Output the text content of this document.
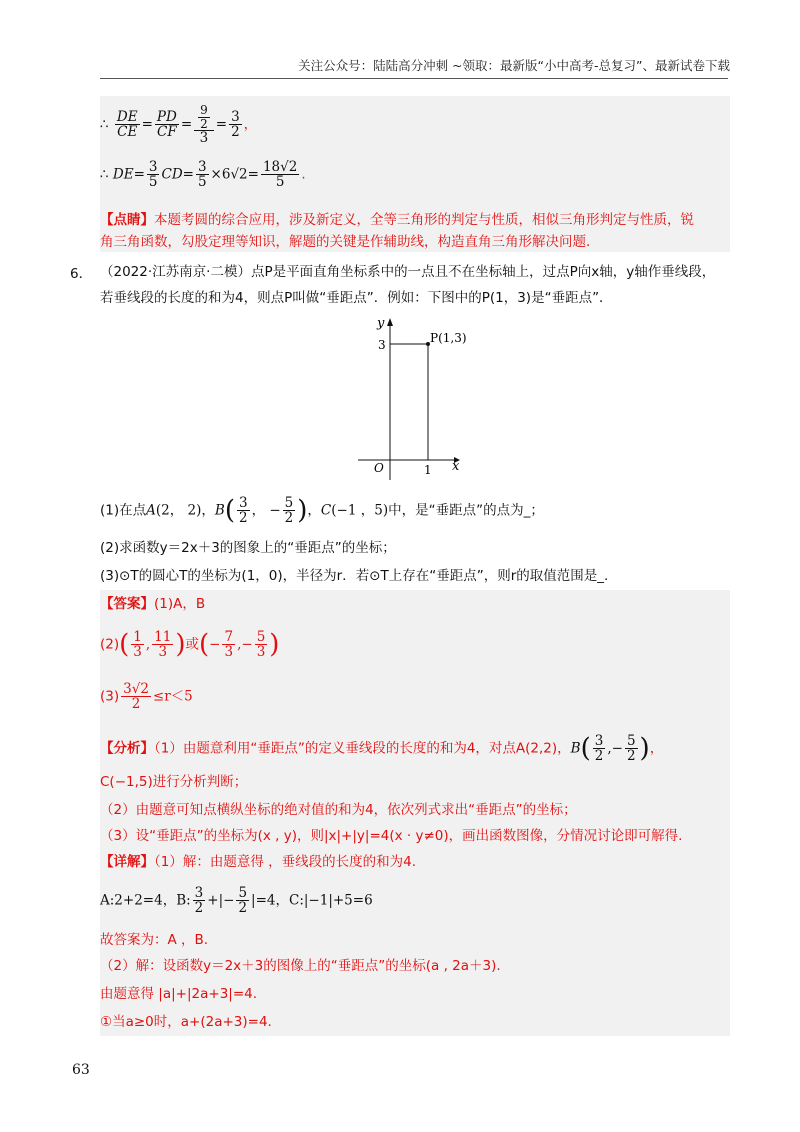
关注公众号：陆陆高分冲刺 ~领取：最新版“小中高考-总复习”、最新试卷下载
∴ $\frac{DE}{CE} = \frac{PD}{CF} = \frac{\frac{9}{2}}{3} = \frac{3}{2}$ ，
∴ $DE= \frac{3}{5} CD= \frac{3}{5} \times 6√2= \frac{18√2}{5}$ .
【点睛】本题考圆的综合应用，涉及新定义，全等三角形的判定与性质，相似三角形判定与性质，锐
角三角函数，勾股定理等知识，解题的关键是作辅助线，构造直角三角形解决问题.
6． （2022·江苏南京·二模）点P是平面直角坐标系中的一点且不在坐标轴上，过点P向x轴，y轴作垂线段，
若垂线段的长度的和为4，则点P叫做“垂距点”．例如：下图中的P(1，3)是“垂距点”．
P(1,3)
y
x
O	1
3
(1)在点A(2， 2)，$B( \frac{3}{2}$ ， − $\frac{5}{2}$ )，C(−1 ，5)中，是“垂距点”的点为_；
(2)求函数y＝2x＋3的图象上的“垂距点”的坐标；
(3)⊙T的圆心T的坐标为(1，0)，半径为r．若⊙T上存在“垂距点”，则r的取值范围是_.
【答案】(1)A，B
$(2)( \frac{1}{3}$ , $\frac{11}{3}$ )或(− $\frac{7}{3}$ ,− $\frac{5}{3}$ )
$(3) \frac{3√2}{2} \le r<5$
【分析】（1）由题意利用“垂距点”的定义垂线段的长度的和为4，对点A(2,2)，$B( \frac{3}{2}$ ,− $\frac{5}{2}$ )，
C(−1,5)进行分析判断；
（2）由题意可知点横纵坐标的绝对值的和为4，依次列式求出“垂距点”的坐标；
（3）设“垂距点”的坐标为(x , y)，则|x|+|y|=4(x · y≠0)，画出函数图像，分情况讨论即可解得.
【详解】（1）解：由题意得 ，垂线段的长度的和为4.
A:2+2=4，B: $\frac{3}{2}$ +|− $\frac{5}{2} |=4$，C:|−1|+5=6
故答案为：A ，B.
（2）解：设函数y＝2x＋3的图像上的“垂距点”的坐标(a , 2a＋3).
由题意得 |a|+|2a+3|=4.
①当a≥0时，a+(2a+3)=4.
63
